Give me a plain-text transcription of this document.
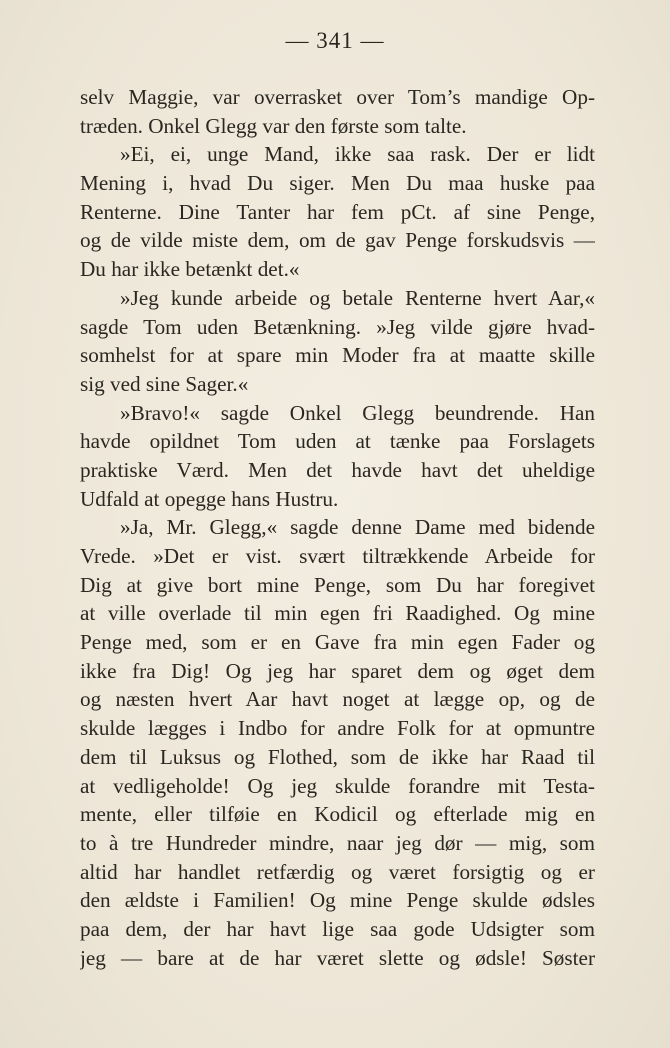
— 341 —
selv Maggie, var overrasket over Tom’s mandige Op-
træden. Onkel Glegg var den første som talte.
»Ei, ei, unge Mand, ikke saa rask. Der er lidt
Mening i, hvad Du siger. Men Du maa huske paa
Renterne. Dine Tanter har fem pCt. af sine Penge,
og de vilde miste dem, om de gav Penge forskudsvis —
Du har ikke betænkt det.«
»Jeg kunde arbeide og betale Renterne hvert Aar,«
sagde Tom uden Betænkning. »Jeg vilde gjøre hvad-
somhelst for at spare min Moder fra at maatte skille
sig ved sine Sager.«
»Bravo!« sagde Onkel Glegg beundrende. Han
havde opildnet Tom uden at tænke paa Forslagets
praktiske Værd. Men det havde havt det uheldige
Udfald at opegge hans Hustru.
»Ja, Mr. Glegg,« sagde denne Dame med bidende
Vrede. »Det er vist. svært tiltrækkende Arbeide for
Dig at give bort mine Penge, som Du har foregivet
at ville overlade til min egen fri Raadighed. Og mine
Penge med, som er en Gave fra min egen Fader og
ikke fra Dig! Og jeg har sparet dem og øget dem
og næsten hvert Aar havt noget at lægge op, og de
skulde lægges i Indbo for andre Folk for at opmuntre
dem til Luksus og Flothed, som de ikke har Raad til
at vedligeholde! Og jeg skulde forandre mit Testa-
mente, eller tilføie en Kodicil og efterlade mig en
to à tre Hundreder mindre, naar jeg dør — mig, som
altid har handlet retfærdig og været forsigtig og er
den ældste i Familien! Og mine Penge skulde ødsles
paa dem, der har havt lige saa gode Udsigter som
jeg — bare at de har været slette og ødsle! Søster
